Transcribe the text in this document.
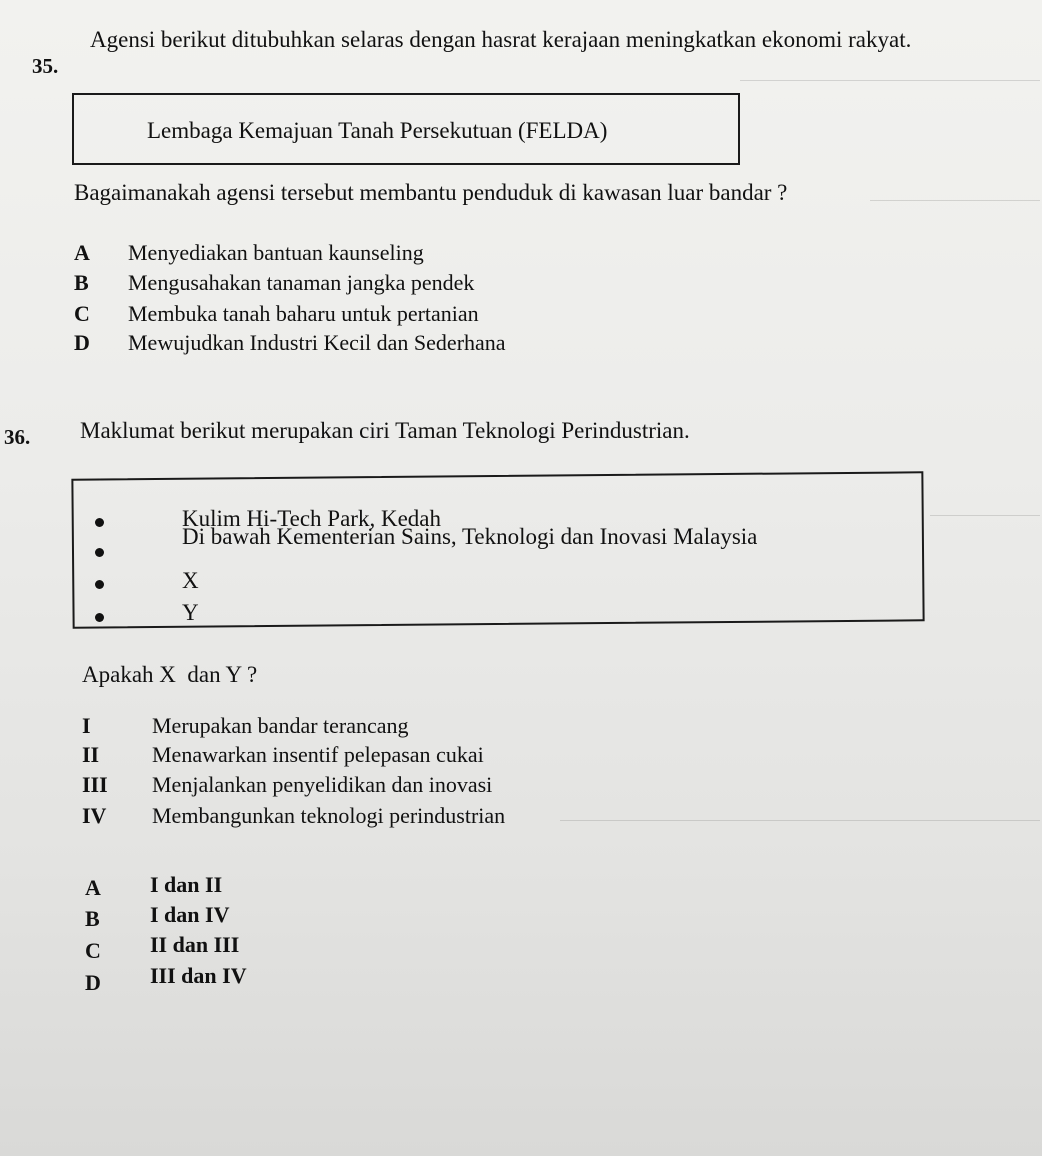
35.
Agensi berikut ditubuhkan selaras dengan hasrat kerajaan meningkatkan ekonomi rakyat.
Lembaga Kemajuan Tanah Persekutuan (FELDA)
Bagaimanakah agensi tersebut membantu penduduk di kawasan luar bandar ?
A Menyediakan bantuan kaunseling
B Mengusahakan tanaman jangka pendek
C Membuka tanah baharu untuk pertanian
D Mewujudkan Industri Kecil dan Sederhana
36. Maklumat berikut merupakan ciri Taman Teknologi Perindustrian.
Kulim Hi-Tech Park, Kedah
Di bawah Kementerian Sains, Teknologi dan Inovasi Malaysia
X
Y
Apakah X  dan Y ?
I	Merupakan bandar terancang
II Menawarkan insentif pelepasan cukai
III Menjalankan penyelidikan dan inovasi
IV Membangunkan teknologi perindustrian
A I dan II
B I dan IV
C II dan III
D III dan IV
